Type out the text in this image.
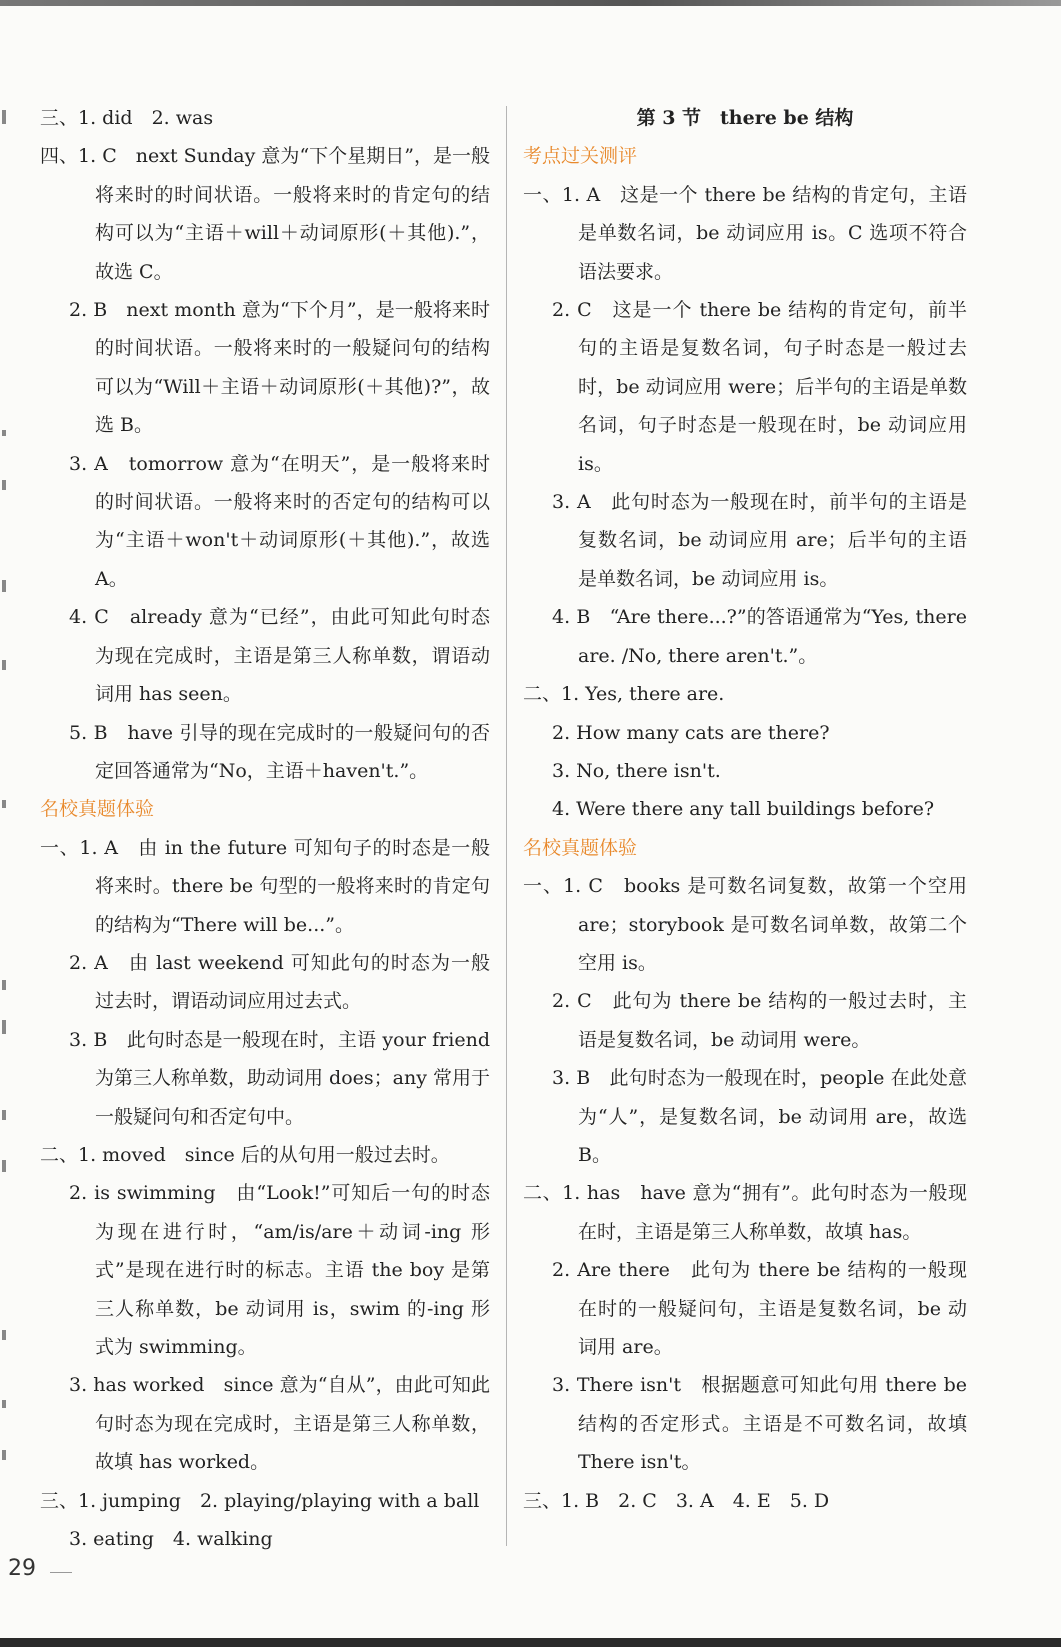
三、1. did　2. was

四、1. C　next Sunday 意为“下个星期日”，是一般将来时的时间状语。一般将来时的肯定句的结构可以为“主语＋will＋动词原形(＋其他).”，故选 C。

2. B　next month 意为“下个月”，是一般将来时的时间状语。一般将来时的一般疑问句的结构可以为“Will＋主语＋动词原形(＋其他)?”，故选 B。

3. A　tomorrow 意为“在明天”，是一般将来时的时间状语。一般将来时的否定句的结构可以为“主语＋won't＋动词原形(＋其他).”，故选 A。

4. C　already 意为“已经”，由此可知此句时态为现在完成时，主语是第三人称单数，谓语动词用 has seen。

5. B　have 引导的现在完成时的一般疑问句的否定回答通常为“No，主语＋haven't.”。

名校真题体验

一、1. A　由 in the future 可知句子的时态是一般将来时。there be 句型的一般将来时的肯定句的结构为“There will be...”。

2. A　由 last weekend 可知此句的时态为一般过去时，谓语动词应用过去式。

3. B　此句时态是一般现在时，主语 your friend 为第三人称单数，助动词用 does；any 常用于一般疑问句和否定句中。

二、1. moved　since 后的从句用一般过去时。

2. is swimming　由“Look!”可知后一句的时态为现在进行时，“am/is/are＋动词-ing 形式”是现在进行时的标志。主语 the boy 是第三人称单数，be 动词用 is，swim 的-ing 形式为 swimming。

3. has worked　since 意为“自从”，由此可知此句时态为现在完成时，主语是第三人称单数，故填 has worked。

三、1. jumping　2. playing/playing with a ball

3. eating　4. walking

第 3 节　there be 结构

考点过关测评

一、1. A　这是一个 there be 结构的肯定句，主语是单数名词，be 动词应用 is。C 选项不符合语法要求。

2. C　这是一个 there be 结构的肯定句，前半句的主语是复数名词，句子时态是一般过去时，be 动词应用 were；后半句的主语是单数名词，句子时态是一般现在时，be 动词应用 is。

3. A　此句时态为一般现在时，前半句的主语是复数名词，be 动词应用 are；后半句的主语是单数名词，be 动词应用 is。

4. B　“Are there...?”的答语通常为“Yes, there are. /No, there aren't.”。

二、1. Yes, there are.

2. How many cats are there?

3. No, there isn't.

4. Were there any tall buildings before?

名校真题体验

一、1. C　books 是可数名词复数，故第一个空用 are；storybook 是可数名词单数，故第二个空用 is。

2. C　此句为 there be 结构的一般过去时，主语是复数名词，be 动词用 were。

3. B　此句时态为一般现在时，people 在此处意为“人”，是复数名词，be 动词用 are，故选 B。

二、1. has　have 意为“拥有”。此句时态为一般现在时，主语是第三人称单数，故填 has。

2. Are there　此句为 there be 结构的一般现在时的一般疑问句，主语是复数名词，be 动词用 are。

3. There isn't　根据题意可知此句用 there be 结构的否定形式。主语是不可数名词，故填 There isn't。

三、1. B　2. C　3. A　4. E　5. D

29
